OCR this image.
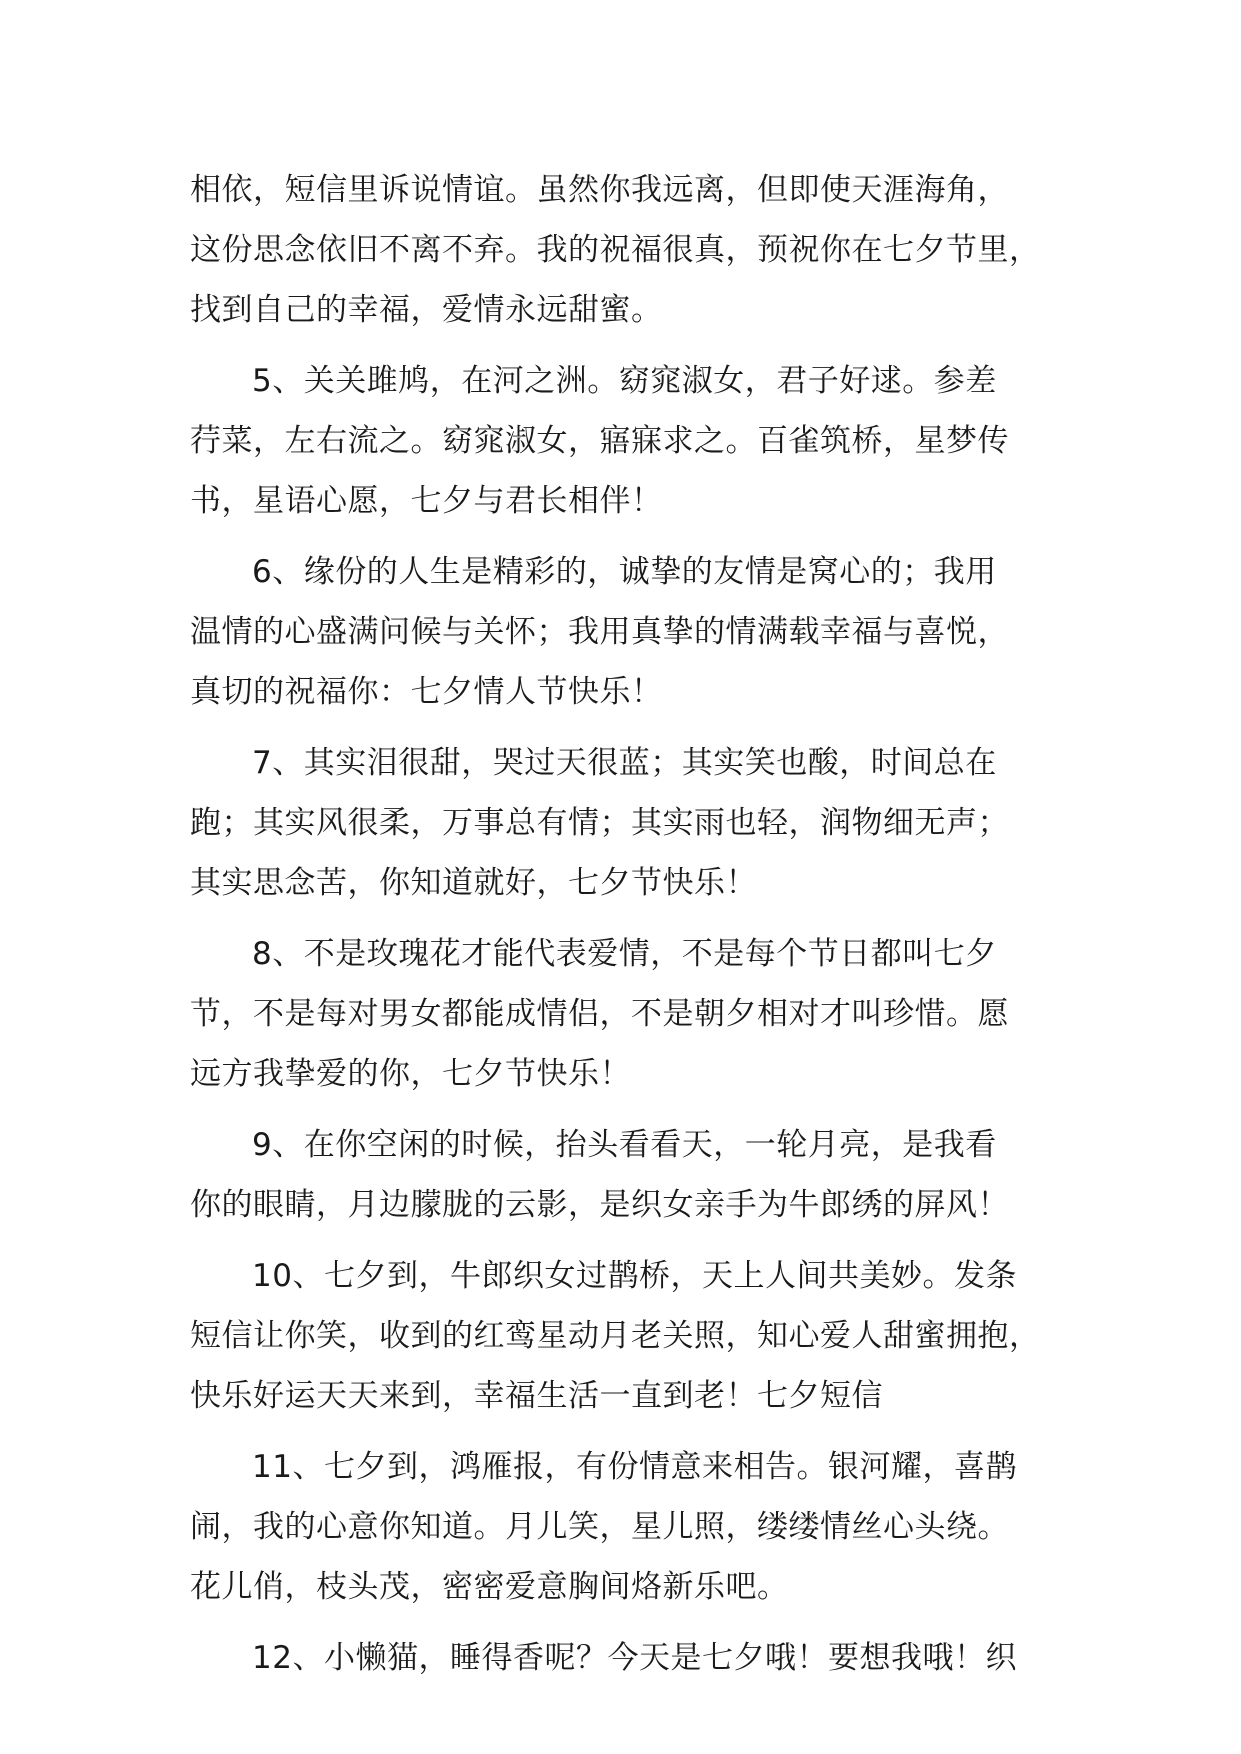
相依，短信里诉说情谊。虽然你我远离，但即使天涯海角，
这份思念依旧不离不弃。我的祝福很真，预祝你在七夕节里，
找到自己的幸福，爱情永远甜蜜。
5、关关雎鸠，在河之洲。窈窕淑女，君子好逑。参差
荇菜，左右流之。窈窕淑女，寤寐求之。百雀筑桥，星梦传
书，星语心愿，七夕与君长相伴！
6、缘份的人生是精彩的，诚挚的友情是窝心的；我用
温情的心盛满问候与关怀；我用真挚的情满载幸福与喜悦，
真切的祝福你：七夕情人节快乐！
7、其实泪很甜，哭过天很蓝；其实笑也酸，时间总在
跑；其实风很柔，万事总有情；其实雨也轻，润物细无声；
其实思念苦，你知道就好，七夕节快乐！
8、不是玫瑰花才能代表爱情，不是每个节日都叫七夕
节，不是每对男女都能成情侣，不是朝夕相对才叫珍惜。愿
远方我挚爱的你，七夕节快乐！
9、在你空闲的时候，抬头看看天，一轮月亮，是我看
你的眼睛，月边朦胧的云影，是织女亲手为牛郎绣的屏风！
10、七夕到，牛郎织女过鹊桥，天上人间共美妙。发条
短信让你笑，收到的红鸾星动月老关照，知心爱人甜蜜拥抱，
快乐好运天天来到，幸福生活一直到老！七夕短信
11、七夕到，鸿雁报，有份情意来相告。银河耀，喜鹊
闹，我的心意你知道。月儿笑，星儿照，缕缕情丝心头绕。
花儿俏，枝头茂，密密爱意胸间烙新乐吧。
12、小懒猫，睡得香呢？今天是七夕哦！要想我哦！织
